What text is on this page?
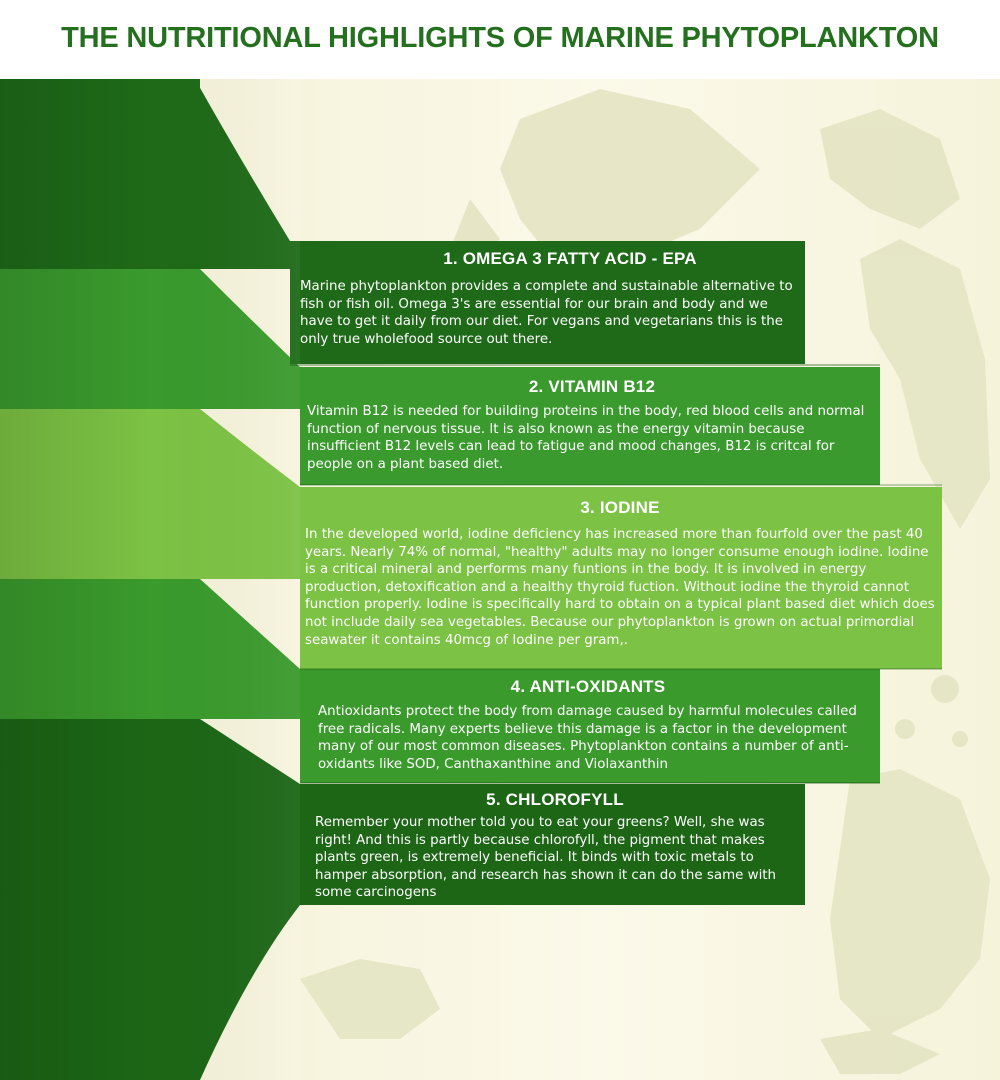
THE NUTRITIONAL HIGHLIGHTS OF MARINE PHYTOPLANKTON
1. OMEGA 3 FATTY ACID - EPA

Marine phytoplankton provides a complete and sustainable alternative to fish or fish oil. Omega 3's are essential for our brain and body and we have to get it daily from our diet. For vegans and vegetarians this is the only true wholefood source out there.

2. VITAMIN B12

Vitamin B12 is needed for building proteins in the body, red blood cells and normal function of nervous tissue. It is also known as the energy vitamin because insufficient B12 levels can lead to fatigue and mood changes, B12 is critcal for people on a plant based diet.

3. IODINE

In the developed world, iodine deficiency has increased more than fourfold over the past 40 years. Nearly 74% of normal, "healthy" adults may no longer consume enough iodine. Iodine is a critical mineral and performs many funtions in the body. It is involved in energy production, detoxification and a healthy thyroid fuction. Without iodine the thyroid cannot function properly. Iodine is specifically hard to obtain on a typical plant based diet which does not include daily sea vegetables. Because our phytoplankton is grown on actual primordial seawater it contains 40mcg of Iodine per gram,.

4. ANTI-OXIDANTS

Antioxidants protect the body from damage caused by harmful molecules called free radicals. Many experts believe this damage is a factor in the development many of our most common diseases. Phytoplankton contains a number of anti-oxidants like SOD, Canthaxanthine and Violaxanthin

5. CHLOROFYLL

Remember your mother told you to eat your greens? Well, she was right! And this is partly because chlorofyll, the pigment that makes plants green, is extremely beneficial. It binds with toxic metals to hamper absorption, and research has shown it can do the same with some carcinogens
